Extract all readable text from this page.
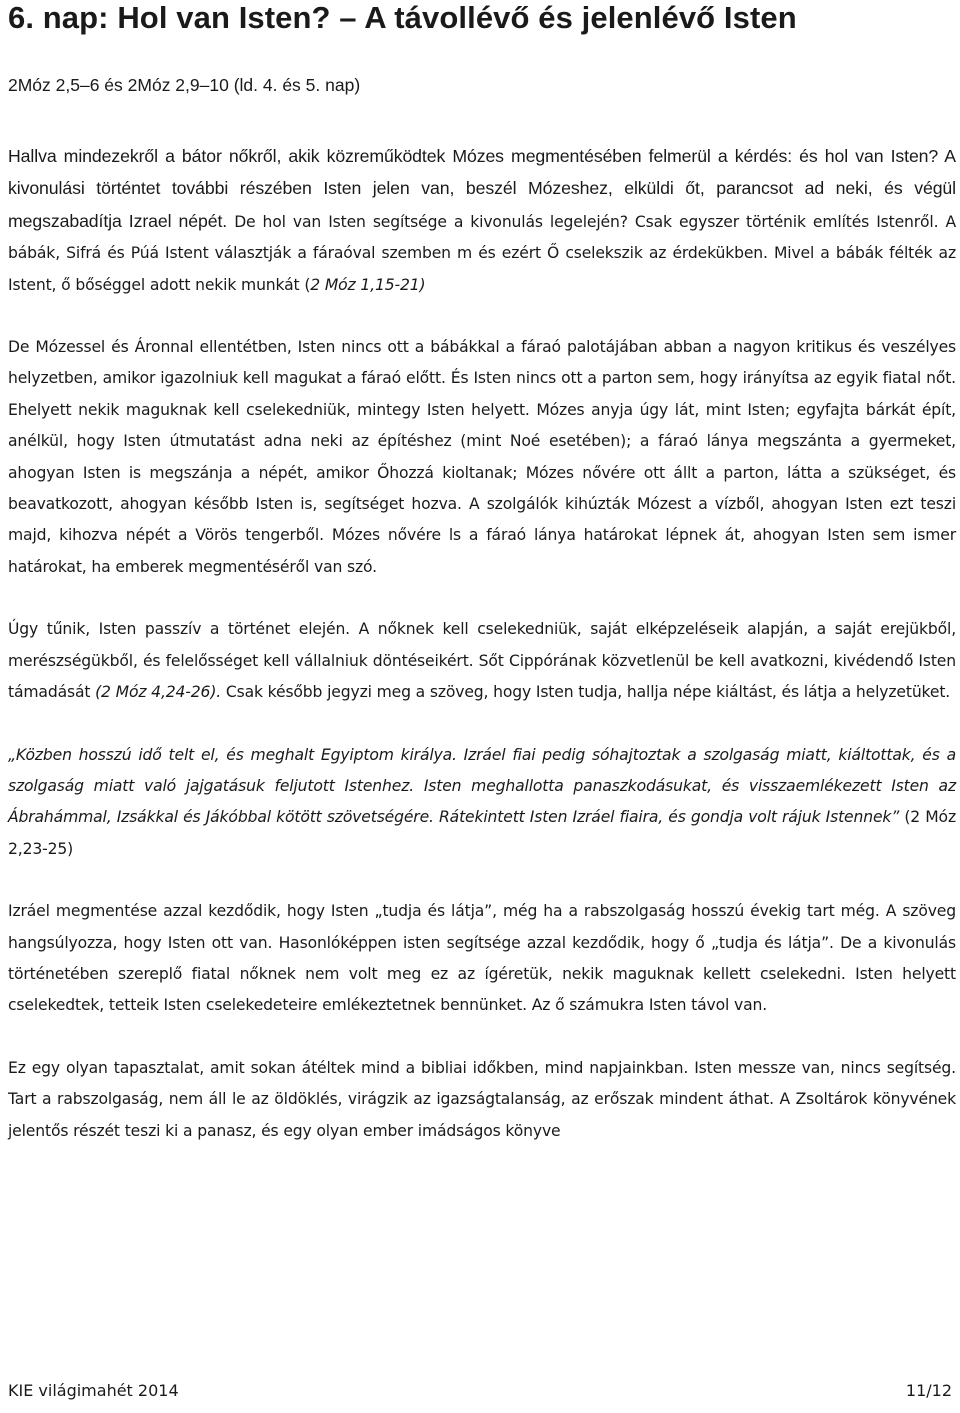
6. nap: Hol van Isten? – A távollévő és jelenlévő Isten
2Móz 2,5–6 és 2Móz 2,9–10 (ld. 4. és 5. nap)

Hallva mindezekről a bátor nőkről, akik közreműködtek Mózes megmentésében felmerül a kérdés: és hol van Isten? A kivonulási történtet további részében Isten jelen van, beszél Mózeshez, elküldi őt, parancsot ad neki, és végül megszabadítja Izrael népét. De hol van Isten segítsége a kivonulás legelején? Csak egyszer történik említés Istenről. A bábák, Sifrá és Púá Istent választják a fáraóval szemben m és ezért Ő cselekszik az érdekükben. Mivel a bábák félték az Istent, ő bőséggel adott nekik munkát (2 Móz 1,15-21)

De Mózessel és Áronnal ellentétben, Isten nincs ott a bábákkal a fáraó palotájában abban a nagyon kritikus és veszélyes helyzetben, amikor igazolniuk kell magukat a fáraó előtt. És Isten nincs ott a parton sem, hogy irányítsa az egyik fiatal nőt. Ehelyett nekik maguknak kell cselekedniük, mintegy Isten helyett. Mózes anyja úgy lát, mint Isten; egyfajta bárkát épít, anélkül, hogy Isten útmutatást adna neki az építéshez (mint Noé esetében); a fáraó lánya megszánta a gyermeket, ahogyan Isten is megszánja a népét, amikor Őhozzá kioltanak; Mózes nővére ott állt a parton, látta a szükséget, és beavatkozott, ahogyan később Isten is, segítséget hozva. A szolgálók kihúzták Mózest a vízből, ahogyan Isten ezt teszi majd, kihozva népét a Vörös tengerből. Mózes nővére ls a fáraó lánya határokat lépnek át, ahogyan Isten sem ismer határokat, ha emberek megmentéséről van szó.

Úgy tűnik, Isten passzív a történet elején. A nőknek kell cselekedniük, saját elképzeléseik alapján, a saját erejükből, merészségükből, és felelősséget kell vállalniuk döntéseikért. Sőt Cippórának közvetlenül be kell avatkozni, kivédendő Isten támadását (2 Móz 4,24-26). Csak később jegyzi meg a szöveg, hogy Isten tudja, hallja népe kiáltást, és látja a helyzetüket.

„Közben hosszú idő telt el, és meghalt Egyiptom királya. Izráel fiai pedig sóhajtoztak a szolgaság miatt, kiáltottak, és a szolgaság miatt való jajgatásuk feljutott Istenhez. Isten meghallotta panaszkodásukat, és visszaemlékezett Isten az Ábrahámmal, Izsákkal és Jákóbbal kötött szövetségére. Rátekintett Isten Izráel fiaira, és gondja volt rájuk Istennek” (2 Móz 2,23-25)

Izráel megmentése azzal kezdődik, hogy Isten „tudja és látja”, még ha a rabszolgaság hosszú évekig tart még. A szöveg hangsúlyozza, hogy Isten ott van. Hasonlóképpen isten segítsége azzal kezdődik, hogy ő „tudja és látja”. De a kivonulás történetében szereplő fiatal nőknek nem volt meg ez az ígéretük, nekik maguknak kellett cselekedni. Isten helyett cselekedtek, tetteik Isten cselekedeteire emlékeztetnek bennünket. Az ő számukra Isten távol van.

Ez egy olyan tapasztalat, amit sokan átéltek mind a bibliai időkben, mind napjainkban. Isten messze van, nincs segítség. Tart a rabszolgaság, nem áll le az öldöklés, virágzik az igazságtalanság, az erőszak mindent áthat. A Zsoltárok könyvének jelentős részét teszi ki a panasz, és egy olyan ember imádságos könyve

KIE világimahét 2014	11/12
